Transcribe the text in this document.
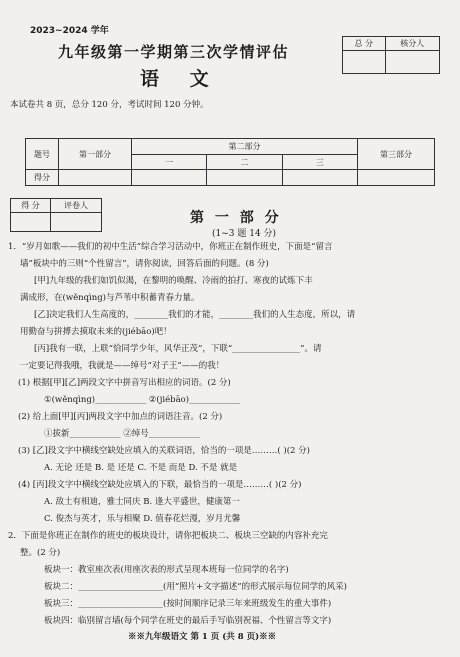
2023~2024 学年
总 分	核分人

九年级第一学期第三次学情评估
语 文
本试卷共 8 页，总分 120 分，考试时间 120 分钟。
题号	第一部分	第二部分			第三部分
		一	二	三	
得分					
得 分	评卷人

第 一 部 分
(1~3 题 14 分)
1．“岁月如歌——我们的初中生活”综合学习活动中，你班正在制作班史，下面是“留言
墙”板块中的三则“个性留言”，请你阅读，回答后面的问题。(8 分)
[甲]九年级的我们如饥似渴，在黎明的唤醒、冷雨的拍打、寒夜的试炼下丰
满成形，在(wěnqìng)与芦苇中积蓄青春力量。
[乙]决定我们人生高度的，________我们的才能，________我们的人生态度，所以，请
用勤奋与拼搏去摸取未来的(jiébāo)吧！
[丙]我有一联，上联“恰同学少年，风华正茂”，下联“________________”。请
一定要记得我哦，我就是——绰号“对子王”——的我！
(1) 根据[甲][乙]两段文字中拼音写出相应的词语。(2 分)
①(wěnqìng)____________ ②(jiébāo)____________
(2) 给上面[甲][丙]两段文字中加点的词语注音。(2 分)
①拔新____________ ②绰号____________
(3) [乙]段文字中横线空缺处应填入的关联词语，恰当的一项是………( )(2 分)
A. 无论 还是 B. 是 还是 C. 不是 而是 D. 不是 就是
(4) [丙]段文字中横线空缺处应填入的下联，最恰当的一项是………( )(2 分)
A. 敌土有相迪，雅士同庆 B. 逢大平盛世，健康第一
C. 俊杰与英才，乐与相聚 D. 值春花烂漫，岁月尤馨
2．下面是你班正在制作的班史的板块设计，请你把板块二、板块三空缺的内容补充完
整。(2 分)
板块一：教室座次表(用座次表的形式呈现本班每一位同学的名字)
板块二：____________________(用“照片+文字描述”的形式展示每位同学的风采)
※※九年级语文 第 1 页 (共 8 页)※※
板块三：____________________(按时间顺序记录三年来班级发生的重大事件)
板块四：临别留言墙(每个同学在班史的最后手写临别祝福、个性留言等文字)
